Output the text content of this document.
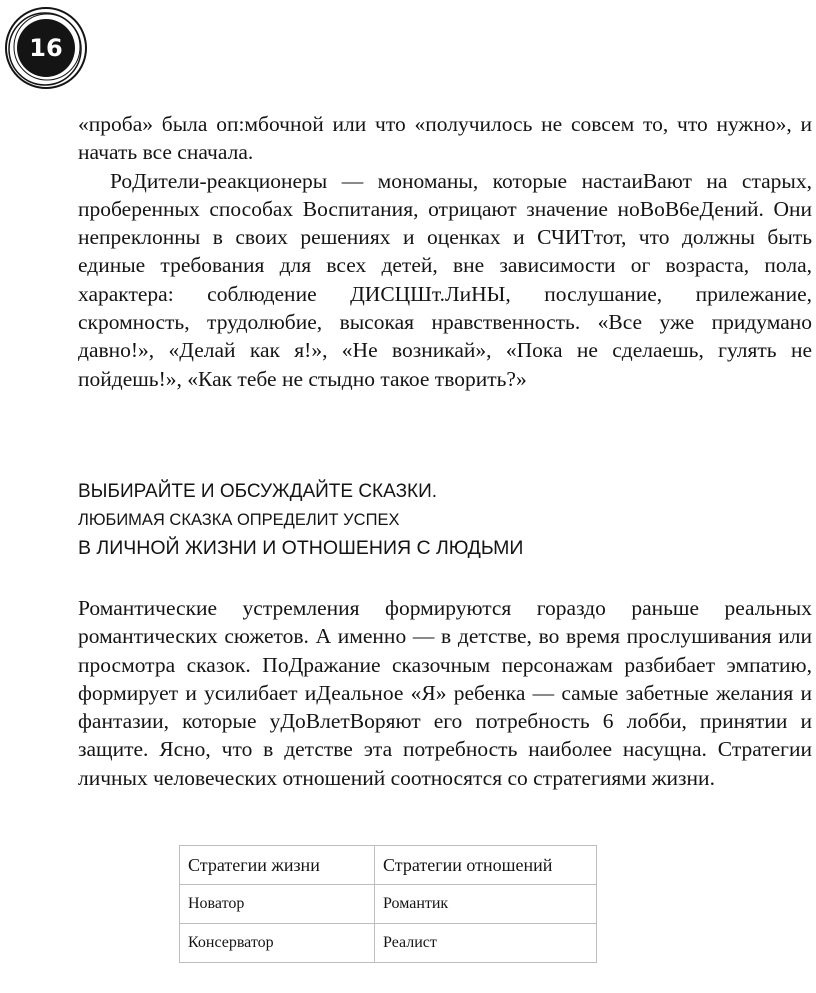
16

«проба» была оп:мбочной или что «получилось не совсем то, что нужно», и начать все сначала.

РоДители-реакционеры — мономаны, которые настаиВают на старых, проберенных способах Воспитания, отрицают значение ноВоВ6еДений. Они непреклонны в своих решениях и оценках и СЧИТтот, что должны быть единые требования для всех детей, вне зависимости ог возраста, пола, характера: соблюдение ДИСЦШт.ЛиНЫ, послушание, прилежание, скромность, трудолюбие, высокая нравственность. «Все уже придумано давно!», «Делай как я!», «Не возникай», «Пока не сделаешь, гулять не пойдешь!», «Как тебе не стыдно такое творить?»

ВЫБИРАЙТЕ И ОБСУЖДАЙТЕ СКАЗКИ.
ЛЮБИМАЯ СКАЗКА ОПРЕДЕЛИТ УСПЕХ
В ЛИЧНОЙ ЖИЗНИ И ОТНОШЕНИЯ С ЛЮДЬМИ

Романтические устремления формируются гораздо раньше реальных романтических сюжетов. А именно — в детстве, во время прослушивания или просмотра сказок. ПоДражание сказочным персонажам разбибает эмпатию, формирует и усилибает иДеальное «Я» ребенка — самые забетные желания и фантазии, которые уДоВлетВоряют его потребность 6 лобби, принятии и защите. Ясно, что в детстве эта потребность наиболее насущна. Стратегии личных человеческих отношений соотносятся со стратегиями жизни.

Стратегии жизни	Стратегии отношений
Новатор	Романтик
Консерватор	Реалист
